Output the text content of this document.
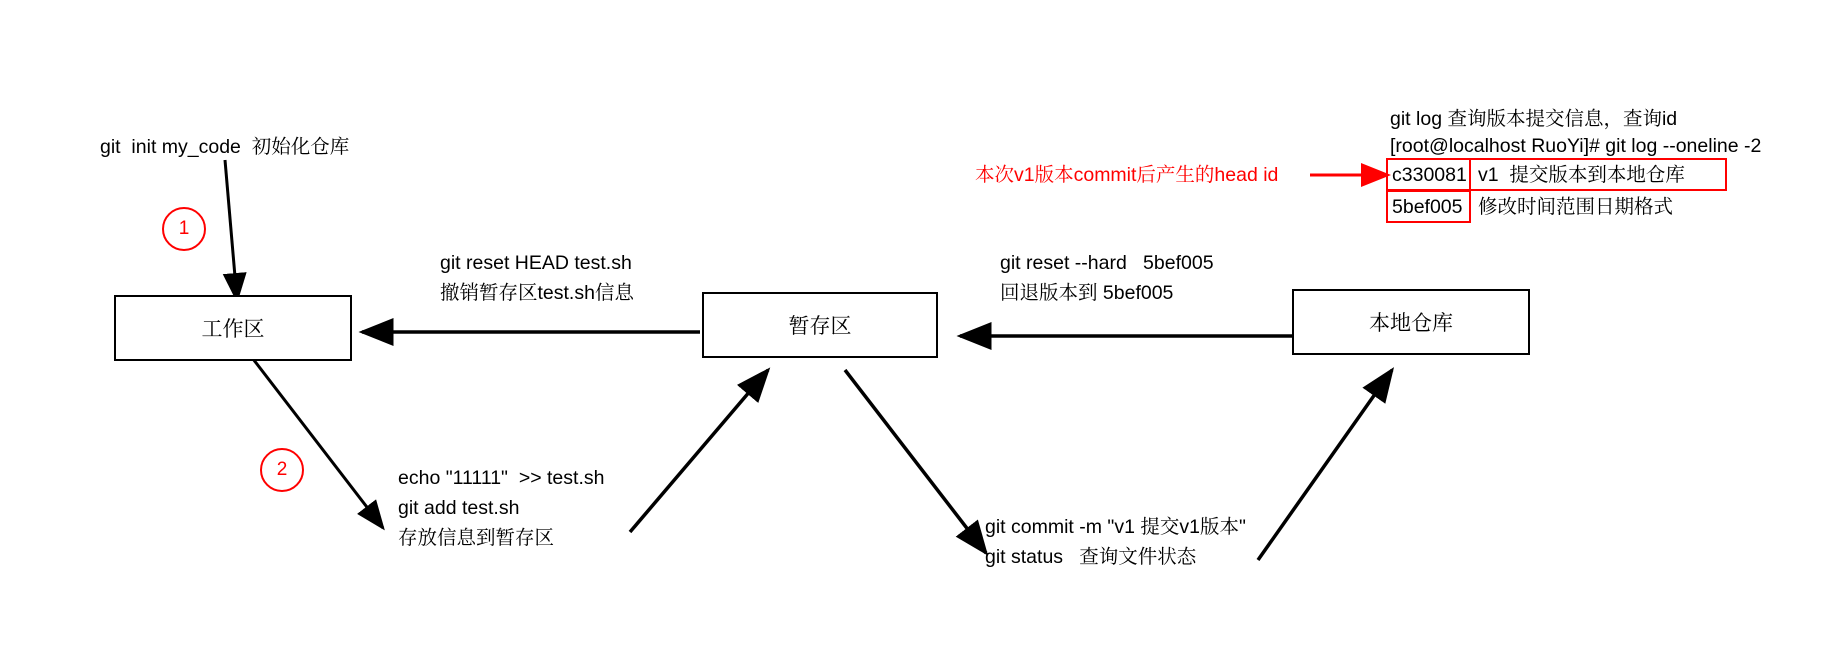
工作区	暂存区	本地仓库
1
2
git  init my_code  初始化仓库
git reset HEAD test.sh
撤销暂存区test.sh信息
git reset --hard   5bef005
回退版本到 5bef005
echo "11111"  >> test.sh
git add test.sh
存放信息到暂存区	git commit -m "v1 提交v1版本"
git status   查询文件状态
git log 查询版本提交信息，查询id
[root@localhost RuoYi]# git log --oneline -2
c330081 v1  提交版本到本地仓库
5bef005 修改时间范围日期格式
本次v1版本commit后产生的head id
